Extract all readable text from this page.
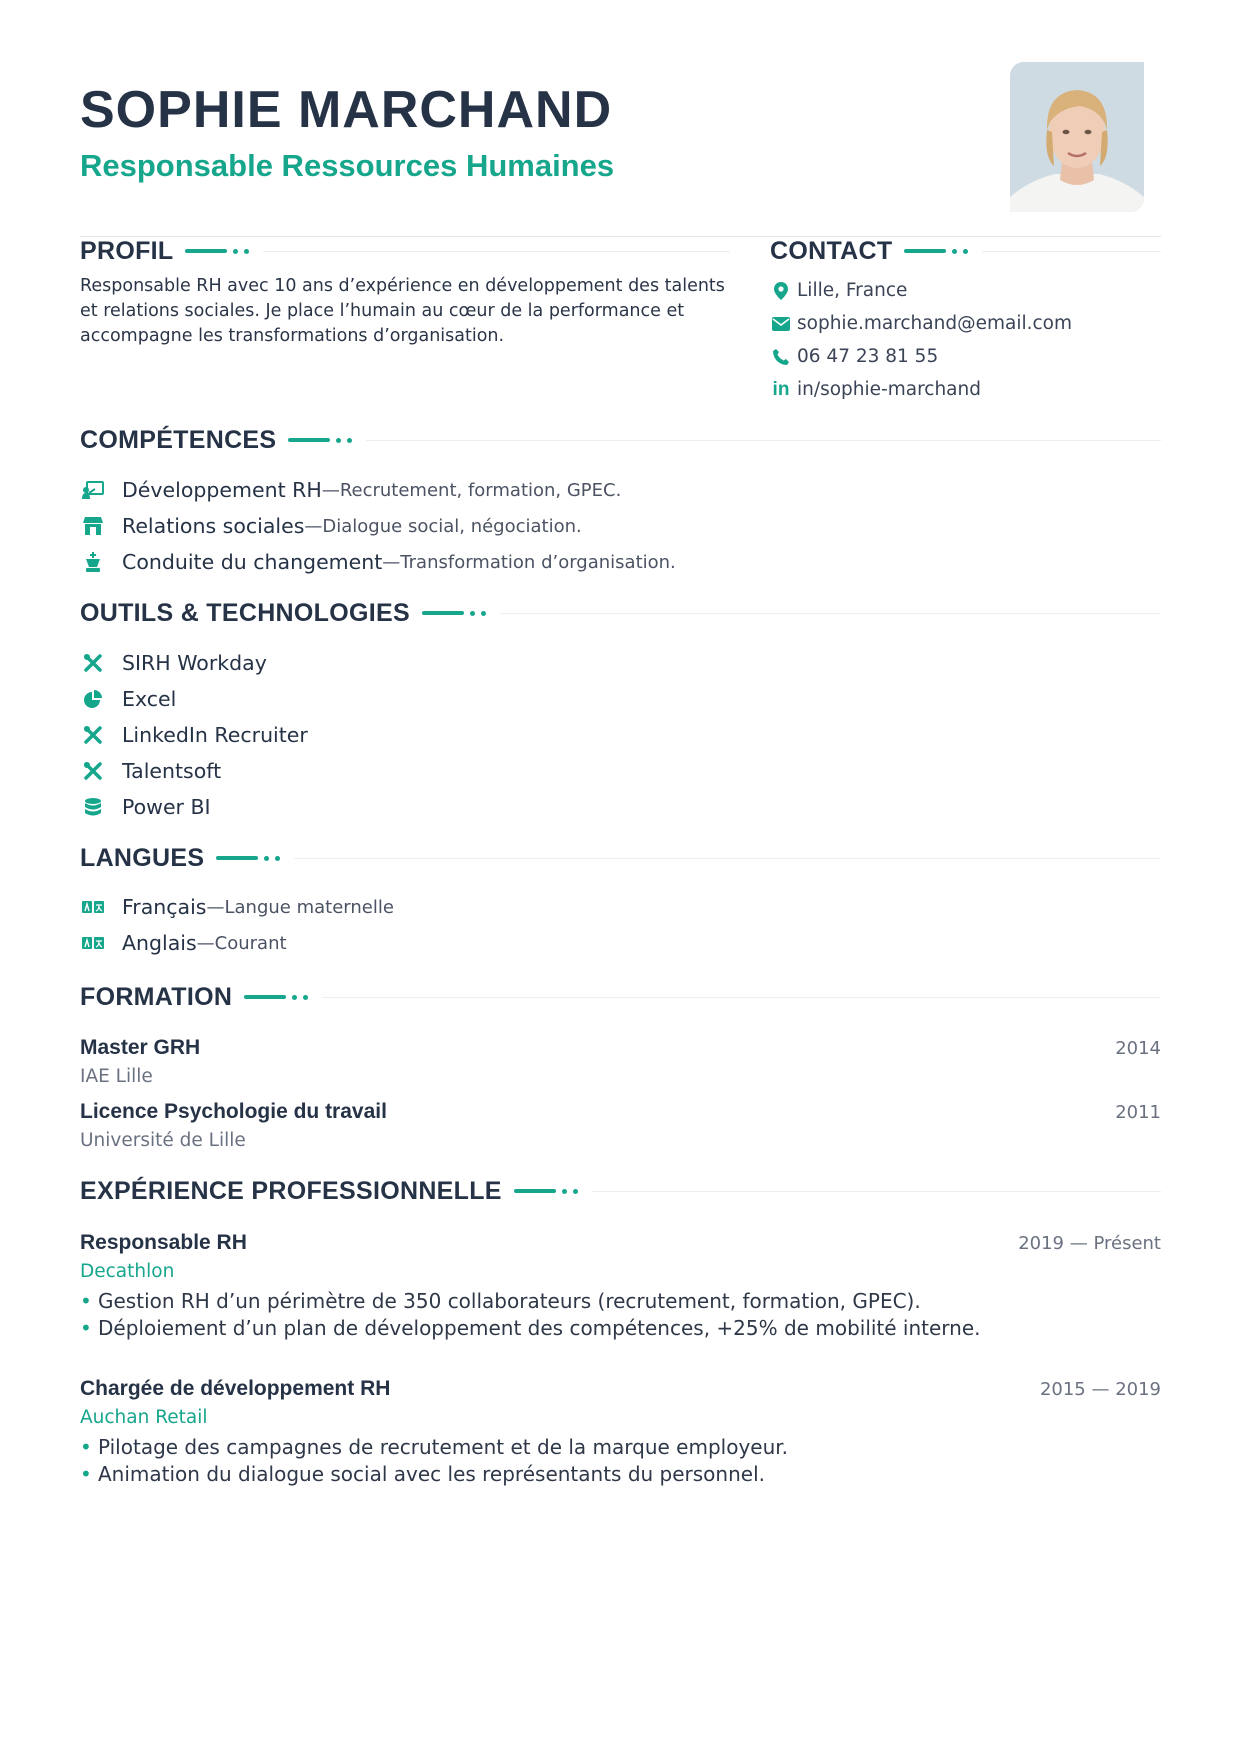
SOPHIE MARCHAND
Responsable Ressources Humaines
PROFIL

Responsable RH avec 10 ans d’expérience en développement des talents et relations sociales. Je place l’humain au cœur de la performance et accompagne les transformations d’organisation.

CONTACT
Lille, France
sophie.marchand@email.com
06 47 23 81 55
in in/sophie-marchand
COMPÉTENCES
Développement RH — Recrutement, formation, GPEC.
Relations sociales — Dialogue social, négociation.
Conduite du changement — Transformation d’organisation.
OUTILS & TECHNOLOGIES
SIRH Workday
Excel
LinkedIn Recruiter
Talentsoft
Power BI
LANGUES
Français — Langue maternelle
Anglais — Courant
FORMATION
Master GRH	2014
IAE Lille
Licence Psychologie du travail	2011
Université de Lille
EXPÉRIENCE PROFESSIONNELLE
Responsable RH	2019 — Présent
Decathlon
• Gestion RH d’un périmètre de 350 collaborateurs (recrutement, formation, GPEC).
• Déploiement d’un plan de développement des compétences, +25% de mobilité interne.
Chargée de développement RH	2015 — 2019
Auchan Retail
• Pilotage des campagnes de recrutement et de la marque employeur.
• Animation du dialogue social avec les représentants du personnel.
